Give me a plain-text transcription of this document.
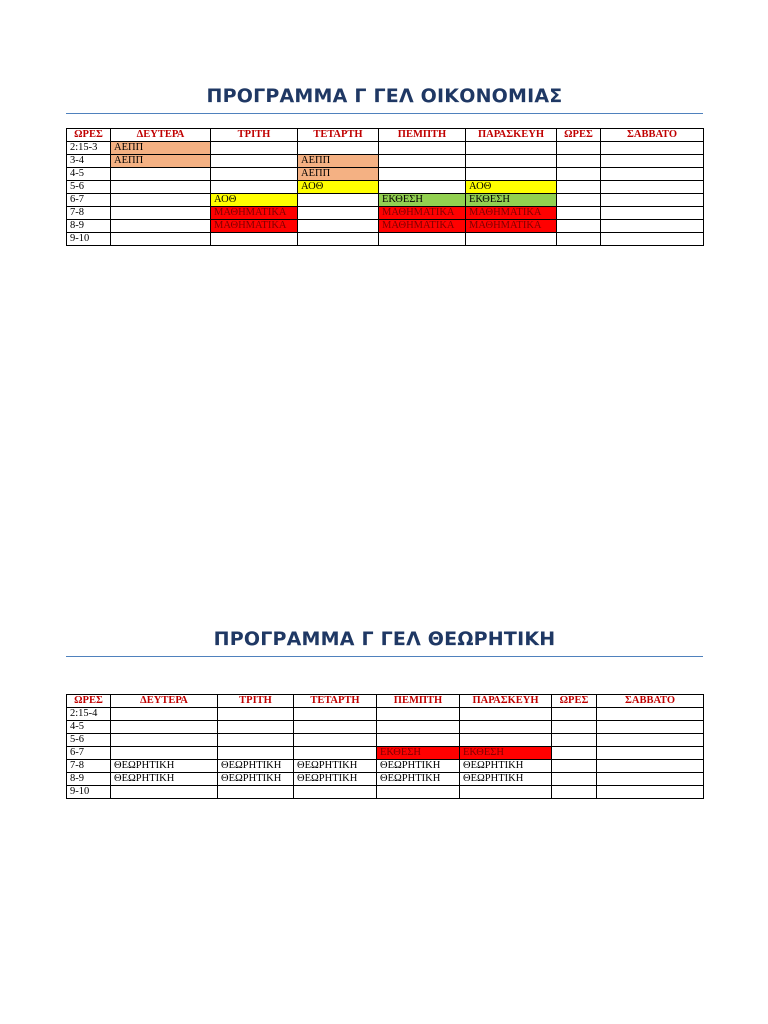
ΠΡΟΓΡΑΜΜΑ Γ ΓΕΛ ΟΙΚΟΝΟΜΙΑΣ
ΩΡΕΣ	ΔΕΥΤΕΡΑ	ΤΡΙΤΗ	ΤΕΤΑΡΤΗ	ΠΕΜΠΤΗ	ΠΑΡΑΣΚΕΥΗ	ΩΡΕΣ	ΣΑΒΒΑΤΟ
2:15-3	ΑΕΠΠ						
3-4	ΑΕΠΠ		ΑΕΠΠ				
4-5			ΑΕΠΠ				
5-6			ΑΟΘ		ΑΟΘ		
6-7		ΑΟΘ		ΕΚΘΕΣΗ	ΕΚΘΕΣΗ		
7-8		ΜΑΘΗΜΑΤΙΚΑ		ΜΑΘΗΜΑΤΙΚΑ	ΜΑΘΗΜΑΤΙΚΑ		
8-9		ΜΑΘΗΜΑΤΙΚΑ		ΜΑΘΗΜΑΤΙΚΑ	ΜΑΘΗΜΑΤΙΚΑ		
9-10							
ΠΡΟΓΡΑΜΜΑ Γ ΓΕΛ ΘΕΩΡΗΤΙΚΗ
ΩΡΕΣ	ΔΕΥΤΕΡΑ	ΤΡΙΤΗ	ΤΕΤΑΡΤΗ	ΠΕΜΠΤΗ	ΠΑΡΑΣΚΕΥΗ	ΩΡΕΣ	ΣΑΒΒΑΤΟ
2:15-4							
4-5							
5-6							
6-7				ΕΚΘΕΣΗ	ΕΚΘΕΣΗ		
7-8	ΘΕΩΡΗΤΙΚΗ	ΘΕΩΡΗΤΙΚΗ	ΘΕΩΡΗΤΙΚΗ	ΘΕΩΡΗΤΙΚΗ	ΘΕΩΡΗΤΙΚΗ		
8-9	ΘΕΩΡΗΤΙΚΗ	ΘΕΩΡΗΤΙΚΗ	ΘΕΩΡΗΤΙΚΗ	ΘΕΩΡΗΤΙΚΗ	ΘΕΩΡΗΤΙΚΗ		
9-10							
